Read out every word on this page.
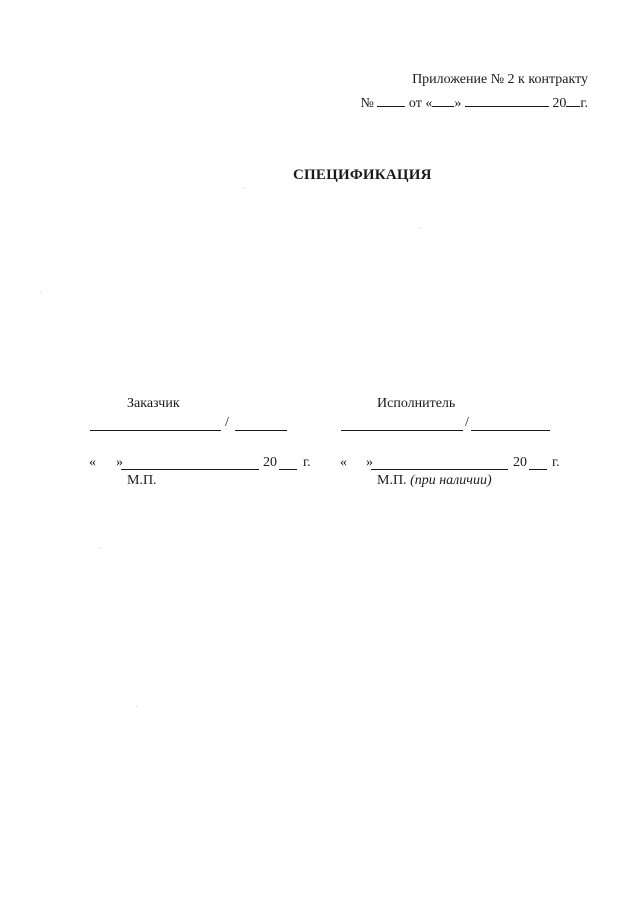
Приложение № 2 к контракту
№	от « »	20 г.
СПЕЦИФИКАЦИЯ
Заказчик
/
« »	20 г.
М.П.
Исполнитель
/
« »	20 г.
М.П. (при наличии)
